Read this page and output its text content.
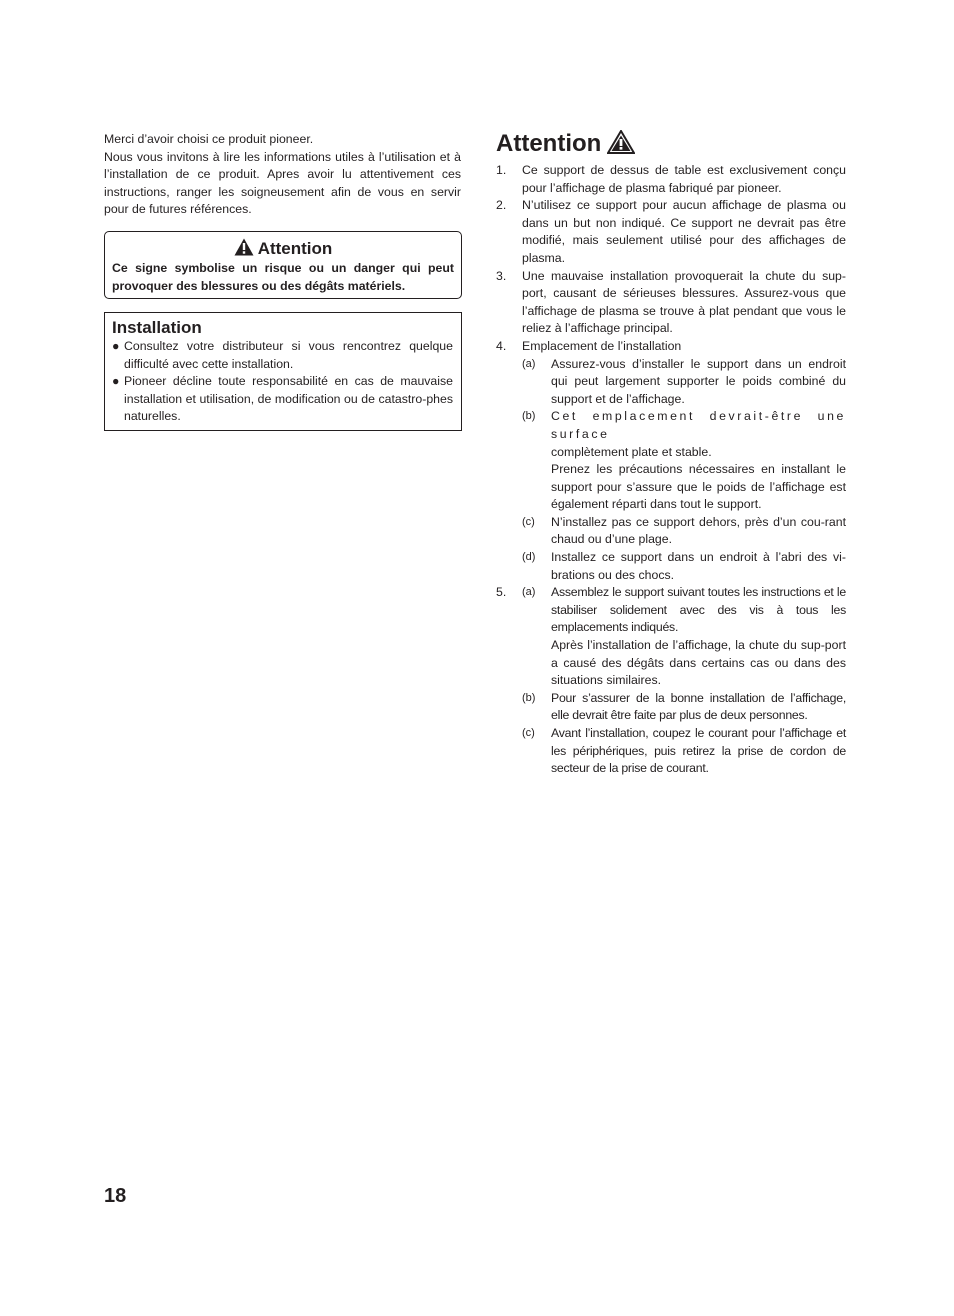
Merci d’avoir choisi ce produit pioneer.

Nous vous invitons à lire les informations utiles à l’utilisation et à l’installation de ce produit. Apres avoir lu attentivement ces instructions, ranger les soigneusement afin de vous en servir pour de futures références.

Attention
Ce signe symbolise un risque ou un danger qui peut provoquer des blessures ou des dégâts matériels.
Installation
● Consultez votre distributeur si vous rencontrez quelque difficulté avec cette installation.
● Pioneer décline toute responsabilité en cas de mauvaise installation et utilisation, de modification ou de catastro-phes naturelles.
Attention
1. Ce support de dessus de table est exclusivement conçu pour l’affichage de plasma fabriqué par pioneer.
2. N’utilisez ce support pour aucun affichage de plasma ou dans un but non indiqué. Ce support ne devrait pas être modifié, mais seulement utilisé pour des affichages de plasma.
3. Une mauvaise installation provoquerait la chute du sup-port, causant de sérieuses blessures. Assurez-vous que l’affichage de plasma se trouve à plat pendant que vous le reliez à l’affichage principal.
4. Emplacement de l’installation
(a) Assurez-vous d’installer le support dans un endroit qui peut largement supporter le poids combiné du support et de l’affichage.

(b) Cet emplacement devrait-être une surface

complètement plate et stable.

Prenez les précautions nécessaires en installant le support pour s’assure que le poids de l’affichage est également réparti dans tout le support.

(c) N’installez pas ce support dehors, près d’un cou-rant chaud ou d’une plage.

(d) Installez ce support dans un endroit à l’abri des vi-brations ou des chocs.

5. (a) Assemblez le support suivant toutes les instructions et le stabiliser solidement avec des vis à tous les emplacements indiqués.

Après l’installation de l’affichage, la chute du sup-port a causé des dégâts dans certains cas ou dans des situations similaires.

(b) Pour s’assurer de la bonne installation de l’affichage, elle devrait être faite par plus de deux personnes.

(c) Avant l’installation, coupez le courant pour l’affichage et les périphériques, puis retirez la prise de cordon de secteur de la prise de courant.

18
